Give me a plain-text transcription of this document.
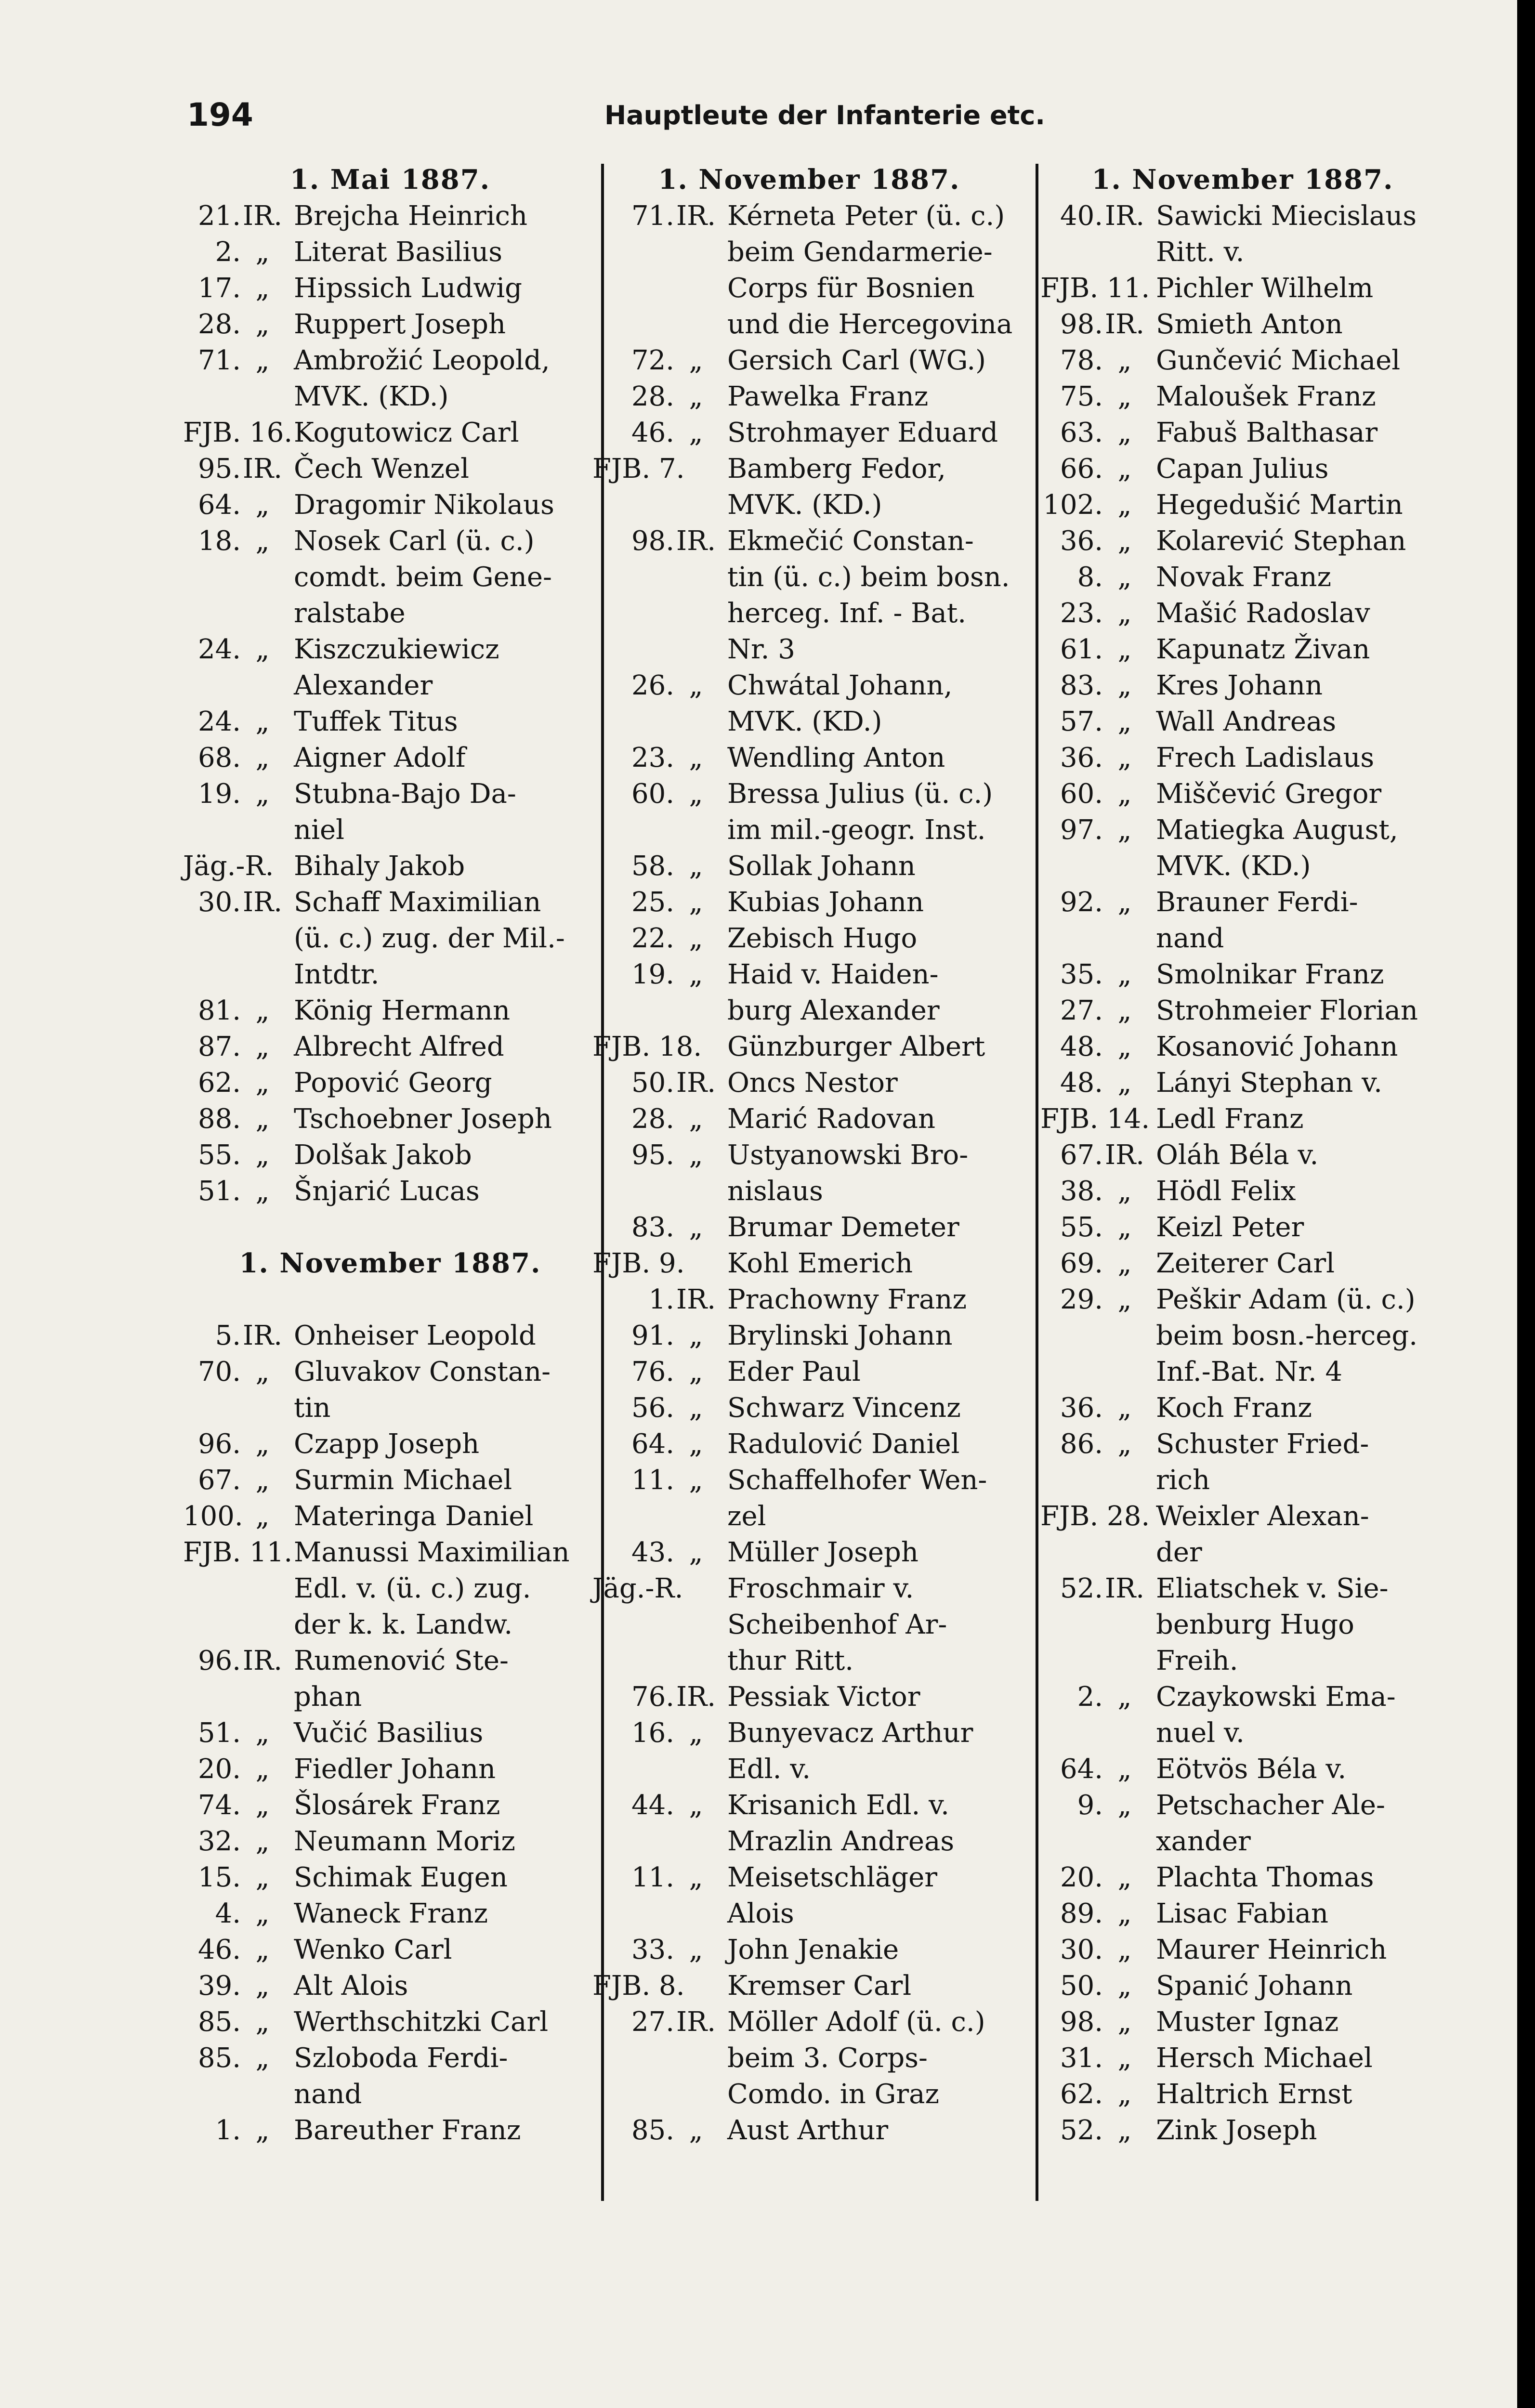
194	Hauptleute der Infanterie etc.
1. Mai 1887.
21. IR. Brejcha Heinrich
2. „ Literat Basilius
17. „ Hipssich Ludwig
28. „ Ruppert Joseph
71. „ Ambrožić Leopold,
MVK. (KD.)
FJB. 16. Kogutowicz Carl
95. IR. Čech Wenzel
64. „ Dragomir Nikolaus
18. „ Nosek Carl (ü. c.)
comdt. beim Gene-
ralstabe
24. „ Kiszczukiewicz
Alexander
24. „ Tuffek Titus
68. „ Aigner Adolf
19. „ Stubna-Bajo Da-
niel
Jäg.-R. Bihaly Jakob
30. IR. Schaff Maximilian
(ü. c.) zug. der Mil.-
Intdtr.
81. „ König Hermann
87. „ Albrecht Alfred
62. „ Popović Georg
88. „ Tschoebner Joseph
55. „ Dolšak Jakob
51. „ Šnjarić Lucas
1. November 1887.
5. IR. Onheiser Leopold
70. „ Gluvakov Constan-
tin
96. „ Czapp Joseph
67. „ Surmin Michael
100. „ Materinga Daniel
FJB. 11. Manussi Maximilian
Edl. v. (ü. c.) zug.
der k. k. Landw.
96. IR. Rumenović Ste-
phan
51. „ Vučić Basilius
20. „ Fiedler Johann
74. „ Šlosárek Franz
32. „ Neumann Moriz
15. „ Schimak Eugen
4. „ Waneck Franz
46. „ Wenko Carl
39. „ Alt Alois
85. „ Werthschitzki Carl
85. „ Szloboda Ferdi-
nand
1. „ Bareuther Franz
1. November 1887.
71. IR. Kérneta Peter (ü. c.)
beim Gendarmerie-
Corps für Bosnien
und die Hercegovina
72. „ Gersich Carl (WG.)
28. „ Pawelka Franz
46. „ Strohmayer Eduard
FJB. 7.	Bamberg Fedor,
MVK. (KD.)
98. IR. Ekmečić Constan-
tin (ü. c.) beim bosn.
herceg. Inf. - Bat.
Nr. 3
26. „ Chwátal Johann,
MVK. (KD.)
23. „ Wendling Anton
60. „ Bressa Julius (ü. c.)
im mil.-geogr. Inst.
58. „ Sollak Johann
25. „ Kubias Johann
22. „ Zebisch Hugo
19. „ Haid v. Haiden-
burg Alexander
FJB. 18. Günzburger Albert
50. IR. Oncs Nestor
28. „ Marić Radovan
95. „ Ustyanowski Bro-
nislaus
83. „ Brumar Demeter
FJB. 9.	Kohl Emerich
1. IR. Prachowny Franz
91. „ Brylinski Johann
76. „ Eder Paul
56. „ Schwarz Vincenz
64. „ Radulović Daniel
11. „ Schaffelhofer Wen-
zel
43. „ Müller Joseph
Jäg.-R.	Froschmair v.
Scheibenhof Ar-
thur Ritt.
76. IR. Pessiak Victor
16. „ Bunyevacz Arthur
Edl. v.
44. „ Krisanich Edl. v.
Mrazlin Andreas
11. „ Meisetschläger
Alois
33. „ John Jenakie
FJB. 8.	Kremser Carl
27. IR. Möller Adolf (ü. c.)
beim 3. Corps-
Comdo. in Graz
85. „ Aust Arthur
1. November 1887.
40. IR. Sawicki Miecislaus
Ritt. v.
FJB. 11. Pichler Wilhelm
98. IR. Smieth Anton
78. „ Gunčević Michael
75. „ Maloušek Franz
63. „ Fabuš Balthasar
66. „ Capan Julius
102. „ Hegedušić Martin
36. „ Kolarević Stephan
8. „ Novak Franz
23. „ Mašić Radoslav
61. „ Kapunatz Živan
83. „ Kres Johann
57. „ Wall Andreas
36. „ Frech Ladislaus
60. „ Miščević Gregor
97. „ Matiegka August,
MVK. (KD.)
92. „ Brauner Ferdi-
nand
35. „ Smolnikar Franz
27. „ Strohmeier Florian
48. „ Kosanović Johann
48. „ Lányi Stephan v.
FJB. 14. Ledl Franz
67. IR. Oláh Béla v.
38. „ Hödl Felix
55. „ Keizl Peter
69. „ Zeiterer Carl
29. „ Peškir Adam (ü. c.)
beim bosn.-herceg.
Inf.-Bat. Nr. 4
36. „ Koch Franz
86. „ Schuster Fried-
rich
FJB. 28. Weixler Alexan-
der
52. IR. Eliatschek v. Sie-
benburg Hugo
Freih.
2. „ Czaykowski Ema-
nuel v.
64. „ Eötvös Béla v.
9. „ Petschacher Ale-
xander
20. „ Plachta Thomas
89. „ Lisac Fabian
30. „ Maurer Heinrich
50. „ Spanić Johann
98. „ Muster Ignaz
31. „ Hersch Michael
62. „ Haltrich Ernst
52. „ Zink Joseph
